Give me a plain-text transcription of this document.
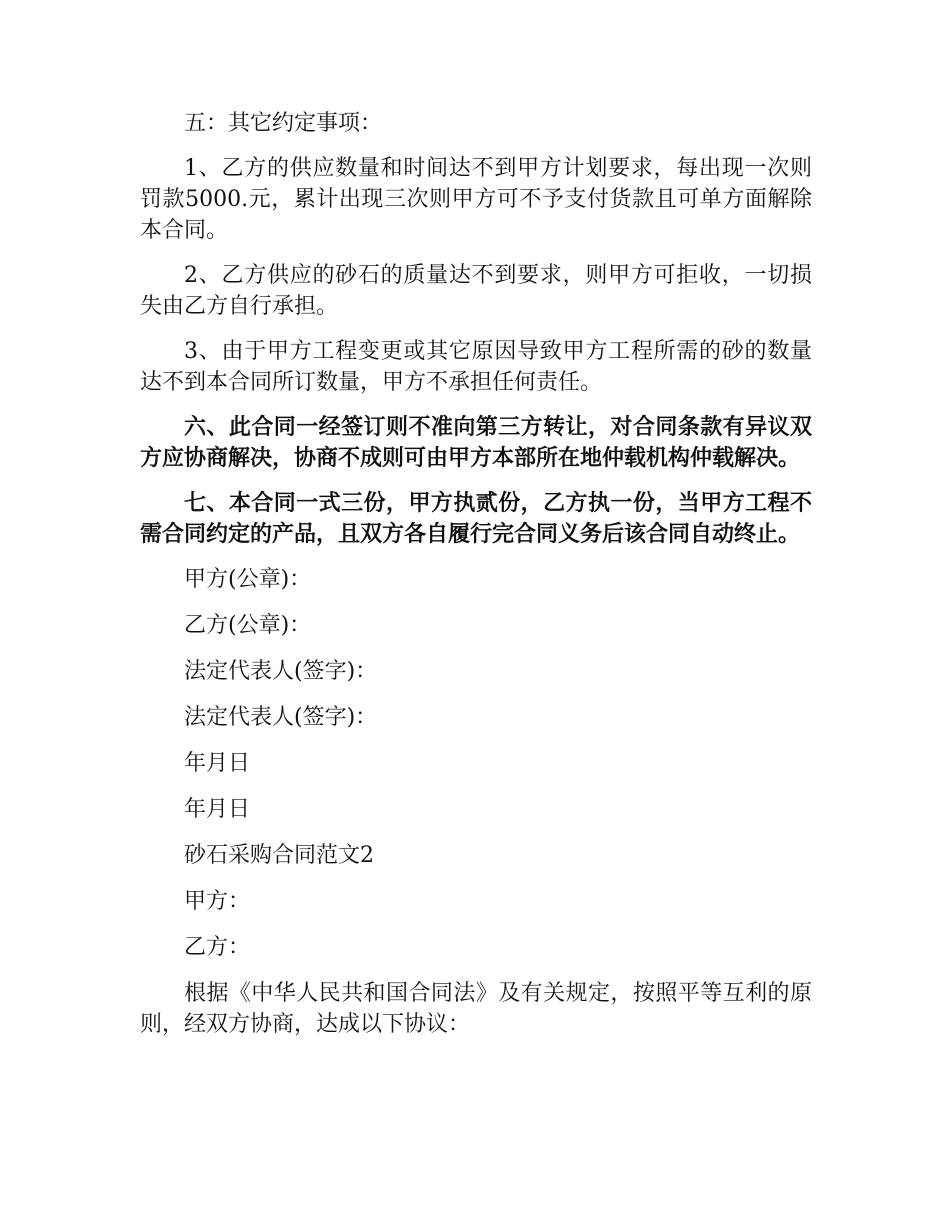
五：其它约定事项：

1、乙方的供应数量和时间达不到甲方计划要求，每出现一次则罚款5000.元，累计出现三次则甲方可不予支付货款且可单方面解除本合同。

2、乙方供应的砂石的质量达不到要求，则甲方可拒收，一切损失由乙方自行承担。

3、由于甲方工程变更或其它原因导致甲方工程所需的砂的数量达不到本合同所订数量，甲方不承担任何责任。

六、此合同一经签订则不准向第三方转让，对合同条款有异议双方应协商解决，协商不成则可由甲方本部所在地仲载机构仲载解决。

七、本合同一式三份，甲方执贰份，乙方执一份，当甲方工程不需合同约定的产品，且双方各自履行完合同义务后该合同自动终止。

甲方(公章)：

乙方(公章)：

法定代表人(签字)：

法定代表人(签字)：

年月日

年月日

砂石采购合同范文2

甲方：

乙方：

根据《中华人民共和国合同法》及有关规定，按照平等互利的原则，经双方协商，达成以下协议：
